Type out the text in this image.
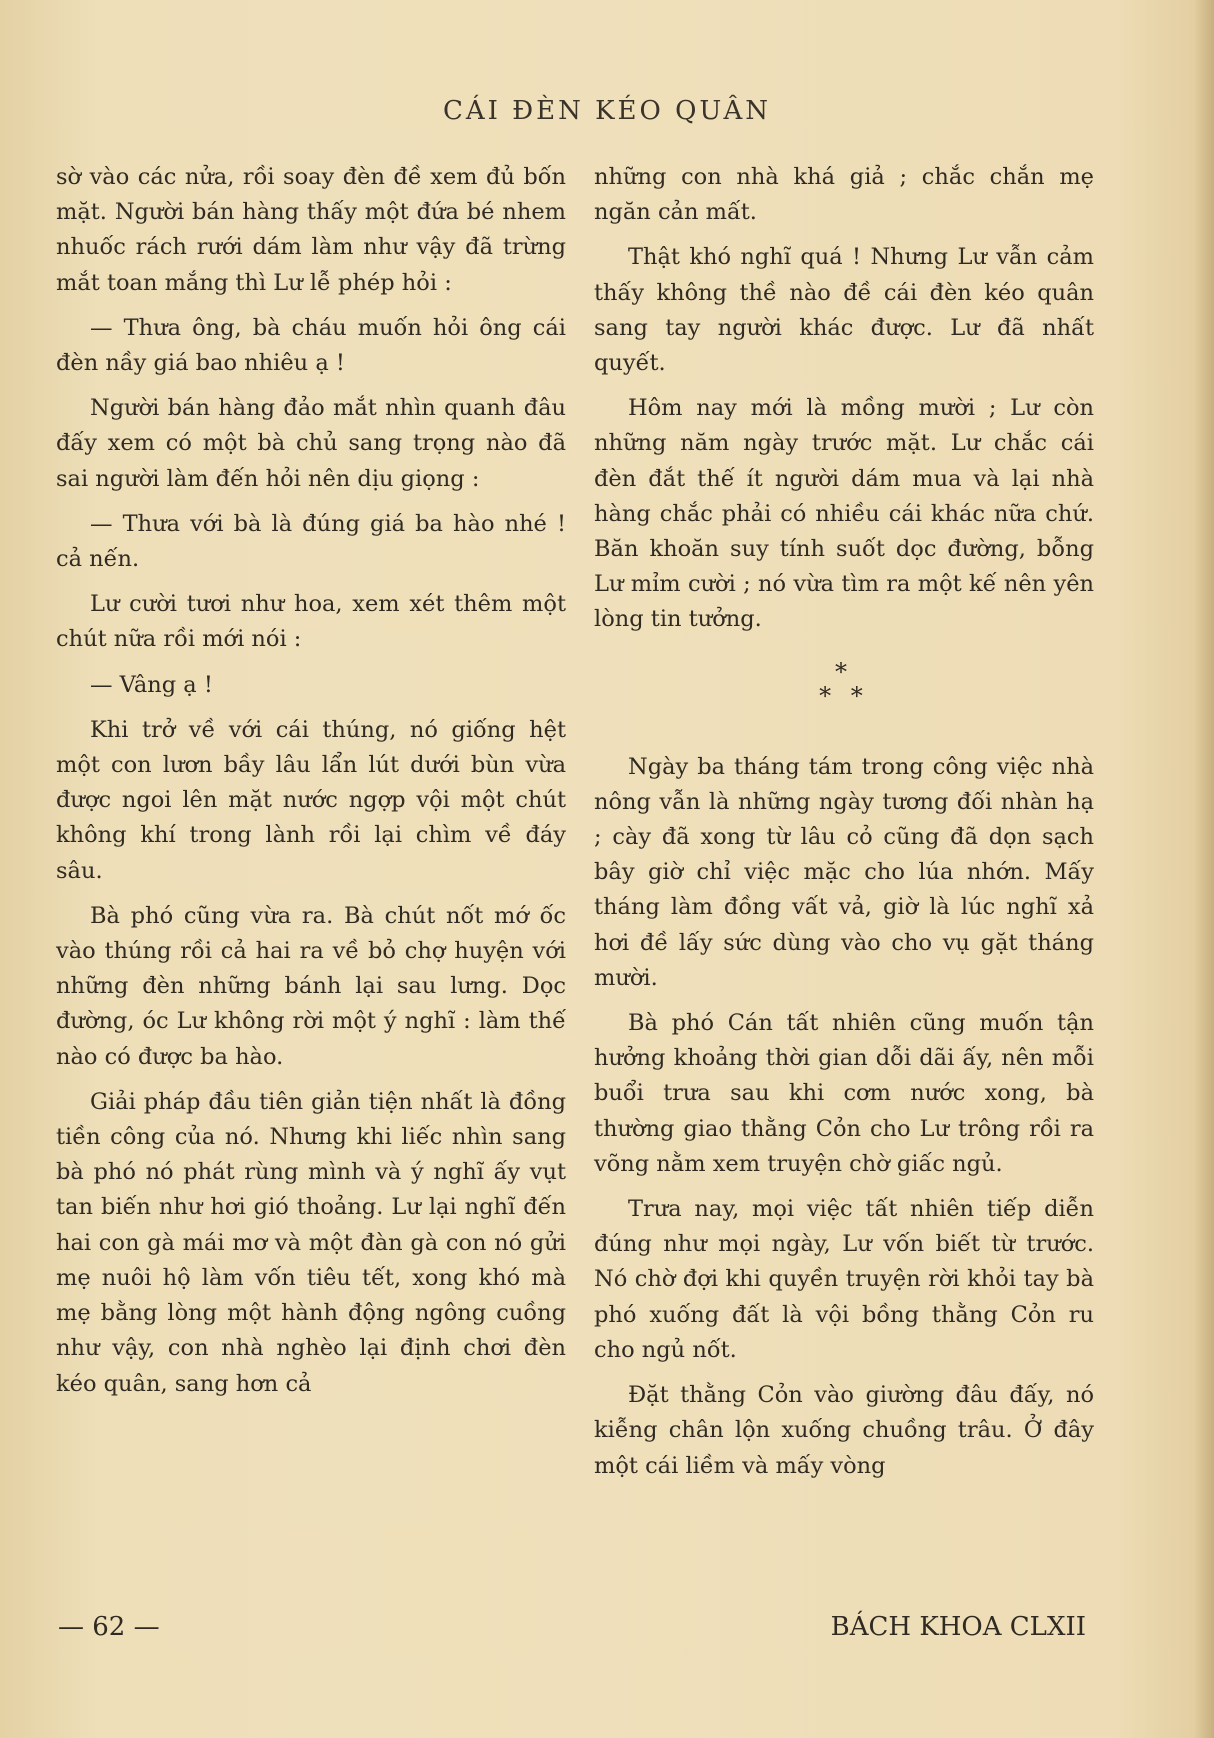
CÁI ĐÈN KÉO QUÂN

sờ vào các nửa, rồi soay đèn đề xem đủ bốn mặt. Người bán hàng thấy một đứa bé nhem nhuốc rách rưới dám làm như vậy đã trừng mắt toan mắng thì Lư lễ phép hỏi :

— Thưa ông, bà cháu muốn hỏi ông cái đèn nầy giá bao nhiêu ạ !

Người bán hàng đảo mắt nhìn quanh đâu đấy xem có một bà chủ sang trọng nào đã sai người làm đến hỏi nên dịu giọng :

— Thưa với bà là đúng giá ba hào nhé ! cả nến.

Lư cười tươi như hoa, xem xét thêm một chút nữa rồi mới nói :

— Vâng ạ !

Khi trở về với cái thúng, nó giống hệt một con lươn bầy lâu lẩn lút dưới bùn vừa được ngoi lên mặt nước ngợp vội một chút không khí trong lành rồi lại chìm về đáy sâu.

Bà phó cũng vừa ra. Bà chút nốt mớ ốc vào thúng rồi cả hai ra về bỏ chợ huyện với những đèn những bánh lại sau lưng. Dọc đường, óc Lư không rời một ý nghĩ : làm thế nào có được ba hào.

Giải pháp đầu tiên giản tiện nhất là đồng tiền công của nó. Nhưng khi liếc nhìn sang bà phó nó phát rùng mình và ý nghĩ ấy vụt tan biến như hơi gió thoảng. Lư lại nghĩ đến hai con gà mái mơ và một đàn gà con nó gửi mẹ nuôi hộ làm vốn tiêu tết, xong khó mà mẹ bằng lòng một hành động ngông cuồng như vậy, con nhà nghèo lại định chơi đèn kéo quân, sang hơn cả

những con nhà khá giả ; chắc chắn mẹ ngăn cản mất.

Thật khó nghĩ quá ! Nhưng Lư vẫn cảm thấy không thề nào đề cái đèn kéo quân sang tay người khác được. Lư đã nhất quyết.

Hôm nay mới là mồng mười ; Lư còn những năm ngày trước mặt. Lư chắc cái đèn đắt thế ít người dám mua và lại nhà hàng chắc phải có nhiều cái khác nữa chứ. Băn khoăn suy tính suốt dọc đường, bỗng Lư mỉm cười ; nó vừa tìm ra một kế nên yên lòng tin tưởng.

*
* *

Ngày ba tháng tám trong công việc nhà nông vẫn là những ngày tương đối nhàn hạ ; cày đã xong từ lâu cỏ cũng đã dọn sạch bây giờ chỉ việc mặc cho lúa nhớn. Mấy tháng làm đồng vất vả, giờ là lúc nghĩ xả hơi đề lấy sức dùng vào cho vụ gặt tháng mười.

Bà phó Cán tất nhiên cũng muốn tận hưởng khoảng thời gian dỗi dãi ấy, nên mỗi buổi trưa sau khi cơm nước xong, bà thường giao thằng Cỏn cho Lư trông rồi ra võng nằm xem truyện chờ giấc ngủ.

Trưa nay, mọi việc tất nhiên tiếp diễn đúng như mọi ngày, Lư vốn biết từ trước. Nó chờ đợi khi quyền truyện rời khỏi tay bà phó xuống đất là vội bồng thằng Cỏn ru cho ngủ nốt.

Đặt thằng Cỏn vào giường đâu đấy, nó kiễng chân lộn xuống chuồng trâu. Ở đây một cái liềm và mấy vòng

— 62 —	BÁCH KHOA CLXII
